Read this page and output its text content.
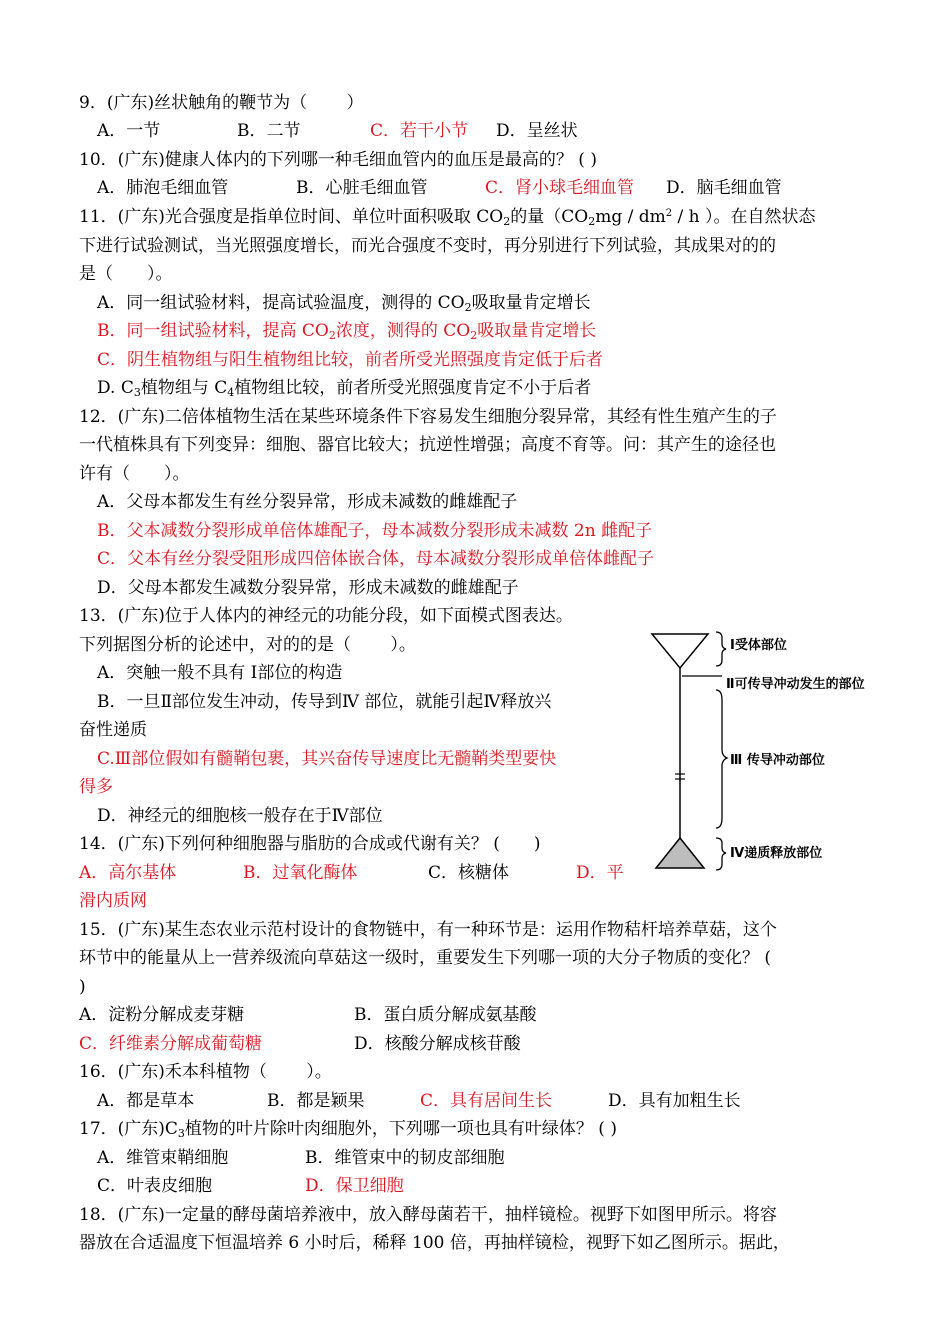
9．(广东)丝状触角的鞭节为（　　 ）
A．一节	B．二节	C．若干小节 D．呈丝状
10．(广东)健康人体内的下列哪一种毛细血管内的血压是最高的？ ( )
A．肺泡毛细血管	B．心脏毛细血管	C．肾小球毛细血管 D．脑毛细血管
11．(广东)光合强度是指单位时间、单位叶面积吸取 $CO_2$的量（$CO_2mg / dm^2$ / h ）。在自然状态
下进行试验测试，当光照强度增长，而光合强度不变时，再分别进行下列试验，其成果对的的
是（　　）。
A．同一组试验材料，提高试验温度，测得的 $CO_2$吸取量肯定增长
B．同一组试验材料，提高 $CO_2$浓度，测得的 $CO_2$吸取量肯定增长
C．阴生植物组与阳生植物组比较，前者所受光照强度肯定低于后者
D. $C_3$植物组与 $C_4$植物组比较，前者所受光照强度肯定不小于后者
12．(广东)二倍体植物生活在某些环境条件下容易发生细胞分裂异常，其经有性生殖产生的子
一代植株具有下列变异：细胞、器官比较大；抗逆性增强；高度不育等。问：其产生的途径也
许有（　　）。
A．父母本都发生有丝分裂异常，形成未减数的雌雄配子
B．父本减数分裂形成单倍体雄配子，母本减数分裂形成未减数 2n 雌配子
C．父本有丝分裂受阻形成四倍体嵌合体，母本减数分裂形成单倍体雌配子
D．父母本都发生减数分裂异常，形成未减数的雌雄配子
13．(广东)位于人体内的神经元的功能分段，如下面模式图表达。
下列据图分析的论述中，对的的是（　　 ）。
A．突触一般不具有 Ⅰ部位的构造
B．一旦Ⅱ部位发生冲动，传导到Ⅳ 部位，就能引起Ⅳ释放兴
奋性递质
C.Ⅲ部位假如有髓鞘包裹，其兴奋传导速度比无髓鞘类型要快
得多
D．神经元的细胞核一般存在于Ⅳ部位
Ⅰ受体部位
Ⅱ可传导冲动发生的部位
Ⅲ 传导冲动部位
Ⅳ递质释放部位
14．(广东)下列何种细胞器与脂肪的合成或代谢有关？ (　　)
A．高尔基体	B．过氧化酶体	C．核糖体	D．平
滑内质网
15．(广东)某生态农业示范村设计的食物链中，有一种环节是：运用作物秸杆培养草菇，这个
环节中的能量从上一营养级流向草菇这一级时，重要发生下列哪一项的大分子物质的变化？ (
)
A．淀粉分解成麦芽糖	B．蛋白质分解成氨基酸
C．纤维素分解成葡萄糖	D．核酸分解成核苷酸
16．(广东)禾本科植物（　　 ）。
A．都是草本	B．都是颖果	C．具有居间生长	D．具有加粗生长
17．(广东)$C_3$植物的叶片除叶肉细胞外，下列哪一项也具有叶绿体？ ( )
A．维管束鞘细胞	B．维管束中的韧皮部细胞
C．叶表皮细胞	D．保卫细胞
18．(广东)一定量的酵母菌培养液中，放入酵母菌若干，抽样镜检。视野下如图甲所示。将容
器放在合适温度下恒温培养 6 小时后，稀释 100 倍，再抽样镜检，视野下如乙图所示。据此，
